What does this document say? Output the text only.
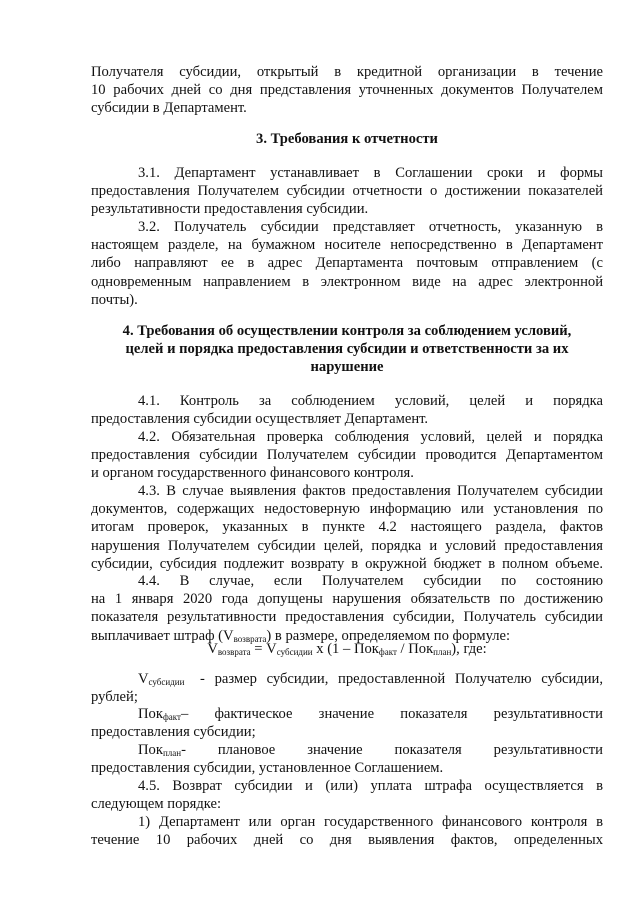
Получателя субсидии, открытый в кредитной организации в течение
10 рабочих дней со дня представления уточненных документов Получателем
субсидии в Департамент.
3. Требования к отчетности
3.1. Департамент устанавливает в Соглашении сроки и формы
предоставления Получателем субсидии отчетности о достижении показателей
результативности предоставления субсидии.
3.2. Получатель субсидии представляет отчетность, указанную в
настоящем разделе, на бумажном носителе непосредственно в Департамент
либо направляют ее в адрес Департамента почтовым отправлением (с
одновременным направлением в электронном виде на адрес электронной
почты).
4. Требования об осуществлении контроля за соблюдением условий,
целей и порядка предоставления субсидии и ответственности за их
нарушение
4.1. Контроль за соблюдением условий, целей и порядка
предоставления субсидии осуществляет Департамент.
4.2. Обязательная проверка соблюдения условий, целей и порядка
предоставления субсидии Получателем субсидии проводится Департаментом
и органом государственного финансового контроля.
4.3. В случае выявления фактов предоставления Получателем субсидии
документов, содержащих недостоверную информацию или установления по
итогам проверок, указанных в пункте 4.2 настоящего раздела, фактов
нарушения Получателем субсидии целей, порядка и условий предоставления
субсидии, субсидия подлежит возврату в окружной бюджет в полном объеме.
4.4. В случае, если Получателем субсидии по состоянию
на 1 января 2020 года допущены нарушения обязательств по достижению
показателя результативности предоставления субсидии, Получатель субсидии
выплачивает штраф $(V_{возврата})$ в размере, определяемом по формуле:
$V_{возврата} = V_{субсидии}$ x (1 – Пок$_{факт}$ / Пок$_{план}$), где:
$V_{субсидии}$ -  размер  субсидии,  предоставленной  Получателю  субсидии,
рублей;
Пок$_{факт}$ – фактическое значение показателя результативности
предоставления субсидии;
Пок$_{план}$ - плановое значение показателя результативности
предоставления субсидии, установленное Соглашением.
4.5. Возврат субсидии и (или) уплата штрафа осуществляется в
следующем порядке:
1) Департамент или орган государственного финансового контроля в
течение 10 рабочих дней со дня выявления фактов, определенных
